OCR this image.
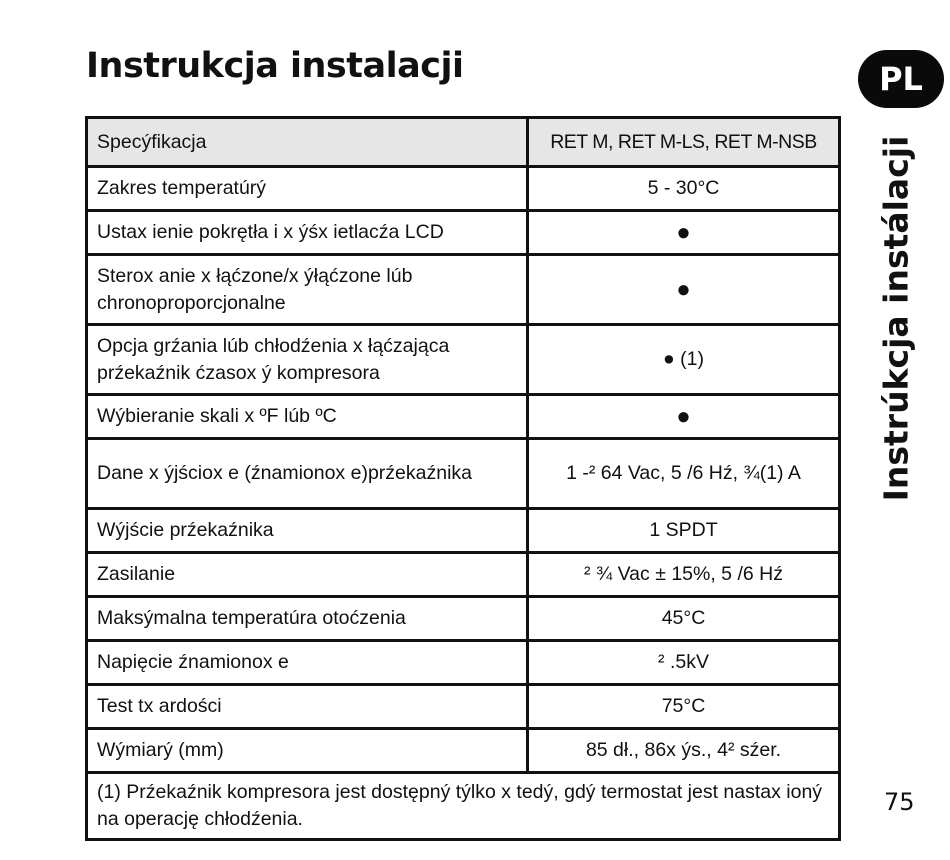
Instrukcja instalacji	PL
Instrúkcja instálacji
Specýfikacja	RET M, RET M-LS, RET M-NSB
Zakres temperatúrý	5 - 30°C
Ustax ienie pokrętła i x ýśx ietlacźa LCD	●
Sterox anie x łąćzone/x ýłąćzone lúb chronoproporcjonalne	●
Opcja grźania lúb chłodźenia x łąćzająca prźekaźnik ćzasox ý kompresora	● (1)
Wýbieranie skali x ºF lúb ºC	●
Dane x ýjściox e (źnamionox e)prźekaźnika	1 -² 64 Vac, 5 /6 Hź, ¾(1) A
Wýjście prźekaźnika	1 SPDT
Zasilanie	² ¾ Vac ± 15%, 5 /6 Hź
Maksýmalna temperatúra otoćzenia	45°C
Napięcie źnamionox e	² .5kV
Test tx ardości	75°C
Wýmiarý (mm)	85 dł., 86x ýs., 4² sźer.
(1) Prźekaźnik kompresora jest dostępný týlko x tedý, gdý termostat jest nastax ioný na operację chłodźenia.	
75
